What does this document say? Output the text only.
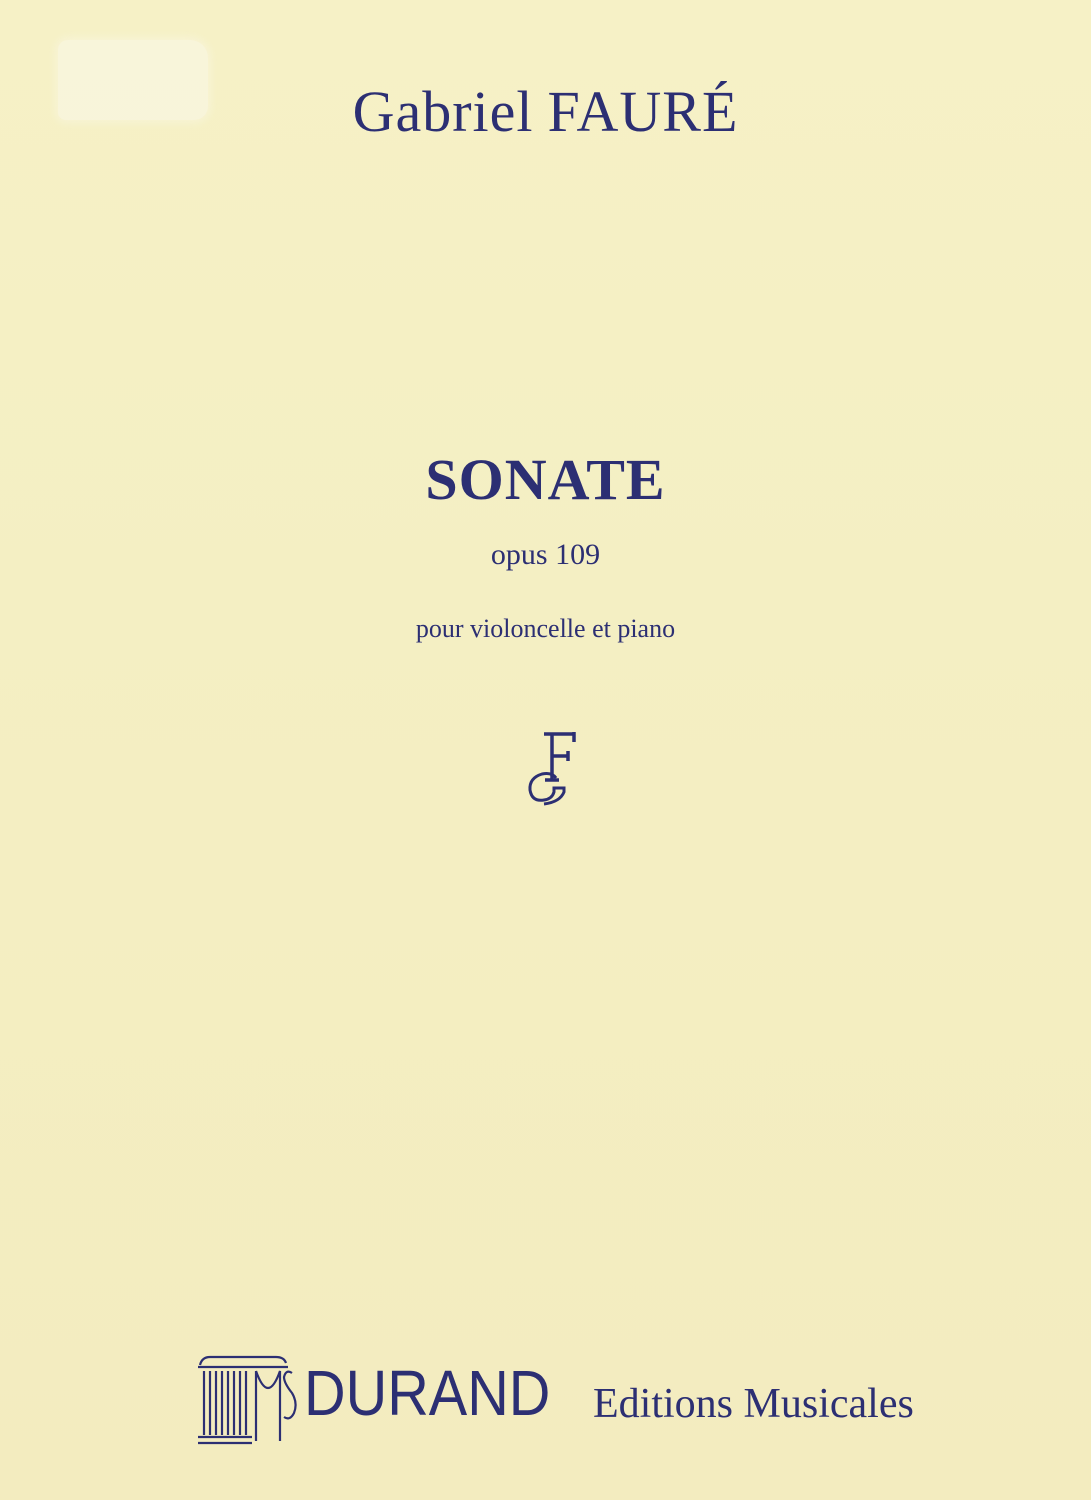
Gabriel FAURÉ
SONATE
opus 109
pour violoncelle et piano
DURAND Editions Musicales
